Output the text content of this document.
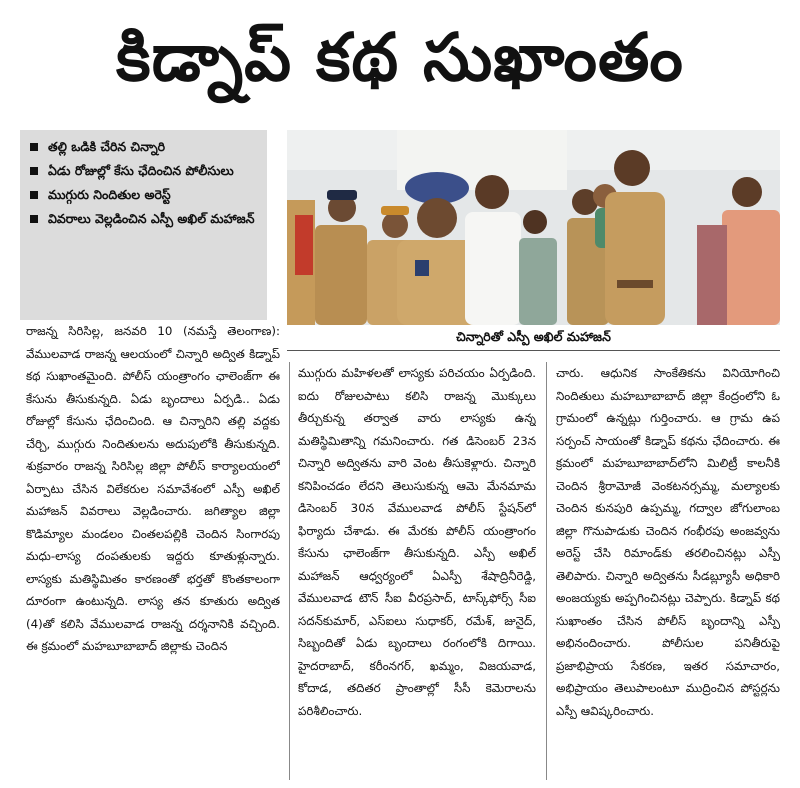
కిడ్నాప్ కథ సుఖాంతం
తల్లి ఒడికి చేరిన చిన్నారి
ఏడు రోజుల్లో కేసు ఛేదించిన పోలీసులు
ముగ్గురు నిందితుల అరెస్ట్
వివరాలు వెల్లడించిన ఎస్పీ అఖిల్ మహాజన్
చిన్నారితో ఎస్పీ అఖిల్ మహాజన్

రాజన్న సిరిసిల్ల, జనవరి 10 (నమస్తే తెలంగాణ): వేములవాడ రాజన్న ఆలయంలో చిన్నారి అద్విత కిడ్నాప్ కథ సుఖాంతమైంది. పోలీస్ యంత్రాంగం ఛాలెంజ్‌గా ఈ కేసును తీసుకున్నది. ఏడు బృందాలు ఏర్పడి.. ఏడు రోజుల్లో కేసును ఛేదించింది. ఆ చిన్నారిని తల్లి వద్దకు చేర్చి, ముగ్గురు నిందితులను అదుపులోకి తీసుకున్నది. శుక్రవారం రాజన్న సిరిసిల్ల జిల్లా పోలీస్ కార్యాలయంలో ఏర్పాటు చేసిన విలేకరుల సమావేశంలో ఎస్పీ అఖిల్ మహాజన్ వివరాలు వెల్లడించారు. జగిత్యాల జిల్లా కొడిమ్యాల మండలం చింతలపల్లికి చెందిన సింగారపు మధు-లాస్య దంపతులకు ఇద్దరు కూతుళ్లున్నారు. లాస్యకు మతిస్థిమితం కారణంతో భర్తతో కొంతకాలంగా దూరంగా ఉంటున్నది. లాస్య తన కూతురు అద్విత (4)తో కలిసి వేములవాడ రాజన్న దర్శనానికి వచ్చింది. ఈ క్రమంలో మహబూబాబాద్ జిల్లాకు చెందిన

ముగ్గురు మహిళలతో లాస్యకు పరిచయం ఏర్పడింది. ఐదు రోజులపాటు కలిసి రాజన్న మొక్కులు తీర్చుకున్న తర్వాత వారు లాస్యకు ఉన్న మతిస్థిమితాన్ని గమనించారు. గత డిసెంబర్ 23న చిన్నారి అద్వితను వారి వెంట తీసుకెళ్లారు. చిన్నారి కనిపించడం లేదని తెలుసుకున్న ఆమె మేనమామ డిసెంబర్ 30న వేములవాడ పోలీస్ స్టేషన్‌లో ఫిర్యాదు చేశాడు. ఈ మేరకు పోలీస్ యంత్రాంగం కేసును ఛాలెంజ్‌గా తీసుకున్నది. ఎస్పీ అఖిల్ మహాజన్ ఆధ్వర్యంలో ఏఎస్పీ శేషాద్రినీరెడ్డి, వేములవాడ టౌన్ సీఐ వీరప్రసాద్, టాస్క్‌ఫోర్స్ సీఐ సదన్‌కుమార్, ఎస్ఐలు సుధాకర్, రమేశ్, జునైద్, సిబ్బందితో ఏడు బృందాలు రంగంలోకి దిగాయి. హైదరాబాద్, కరీంనగర్, ఖమ్మం, విజయవాడ, కోదాడ, తదితర ప్రాంతాల్లో సీసీ కెమెరాలను పరిశీలించారు.

చారు. ఆధునిక సాంకేతికను వినియోగించి నిందితులు మహబూబాబాద్ జిల్లా కేంద్రంలోని ఓ గ్రామంలో ఉన్నట్లు గుర్తించారు. ఆ గ్రామ ఉప సర్పంచ్ సాయంతో కిడ్నాప్ కథను ఛేదించారు. ఈ క్రమంలో మహబూబాబాద్‌లోని మిలిట్రీ కాలనీకి చెందిన శ్రీరామోజీ వెంకటనర్సమ్మ, మల్యాలకు చెందిన కునపురి ఉప్పమ్మ, గద్వాల జోగులాంబ జిల్లా గొనుపాడుకు చెందిన గంభీరపు అంజవ్వను అరెస్ట్ చేసి రిమాండ్‌కు తరలించినట్లు ఎస్పీ తెలిపారు. చిన్నారి అద్వితను సీడబ్ల్యూసీ అధికారి అంజయ్యకు అప్పగించినట్లు చెప్పారు. కిడ్నాప్ కథ సుఖాంతం చేసిన పోలీస్ బృందాన్ని ఎస్పీ అభినందించారు. పోలీసుల పనితీరుపై ప్రజాభిప్రాయ సేకరణ, ఇతర సమాచారం, అభిప్రాయం తెలుపాలంటూ ముద్రించిన పోస్టర్లను ఎస్పీ ఆవిష్కరించారు.
